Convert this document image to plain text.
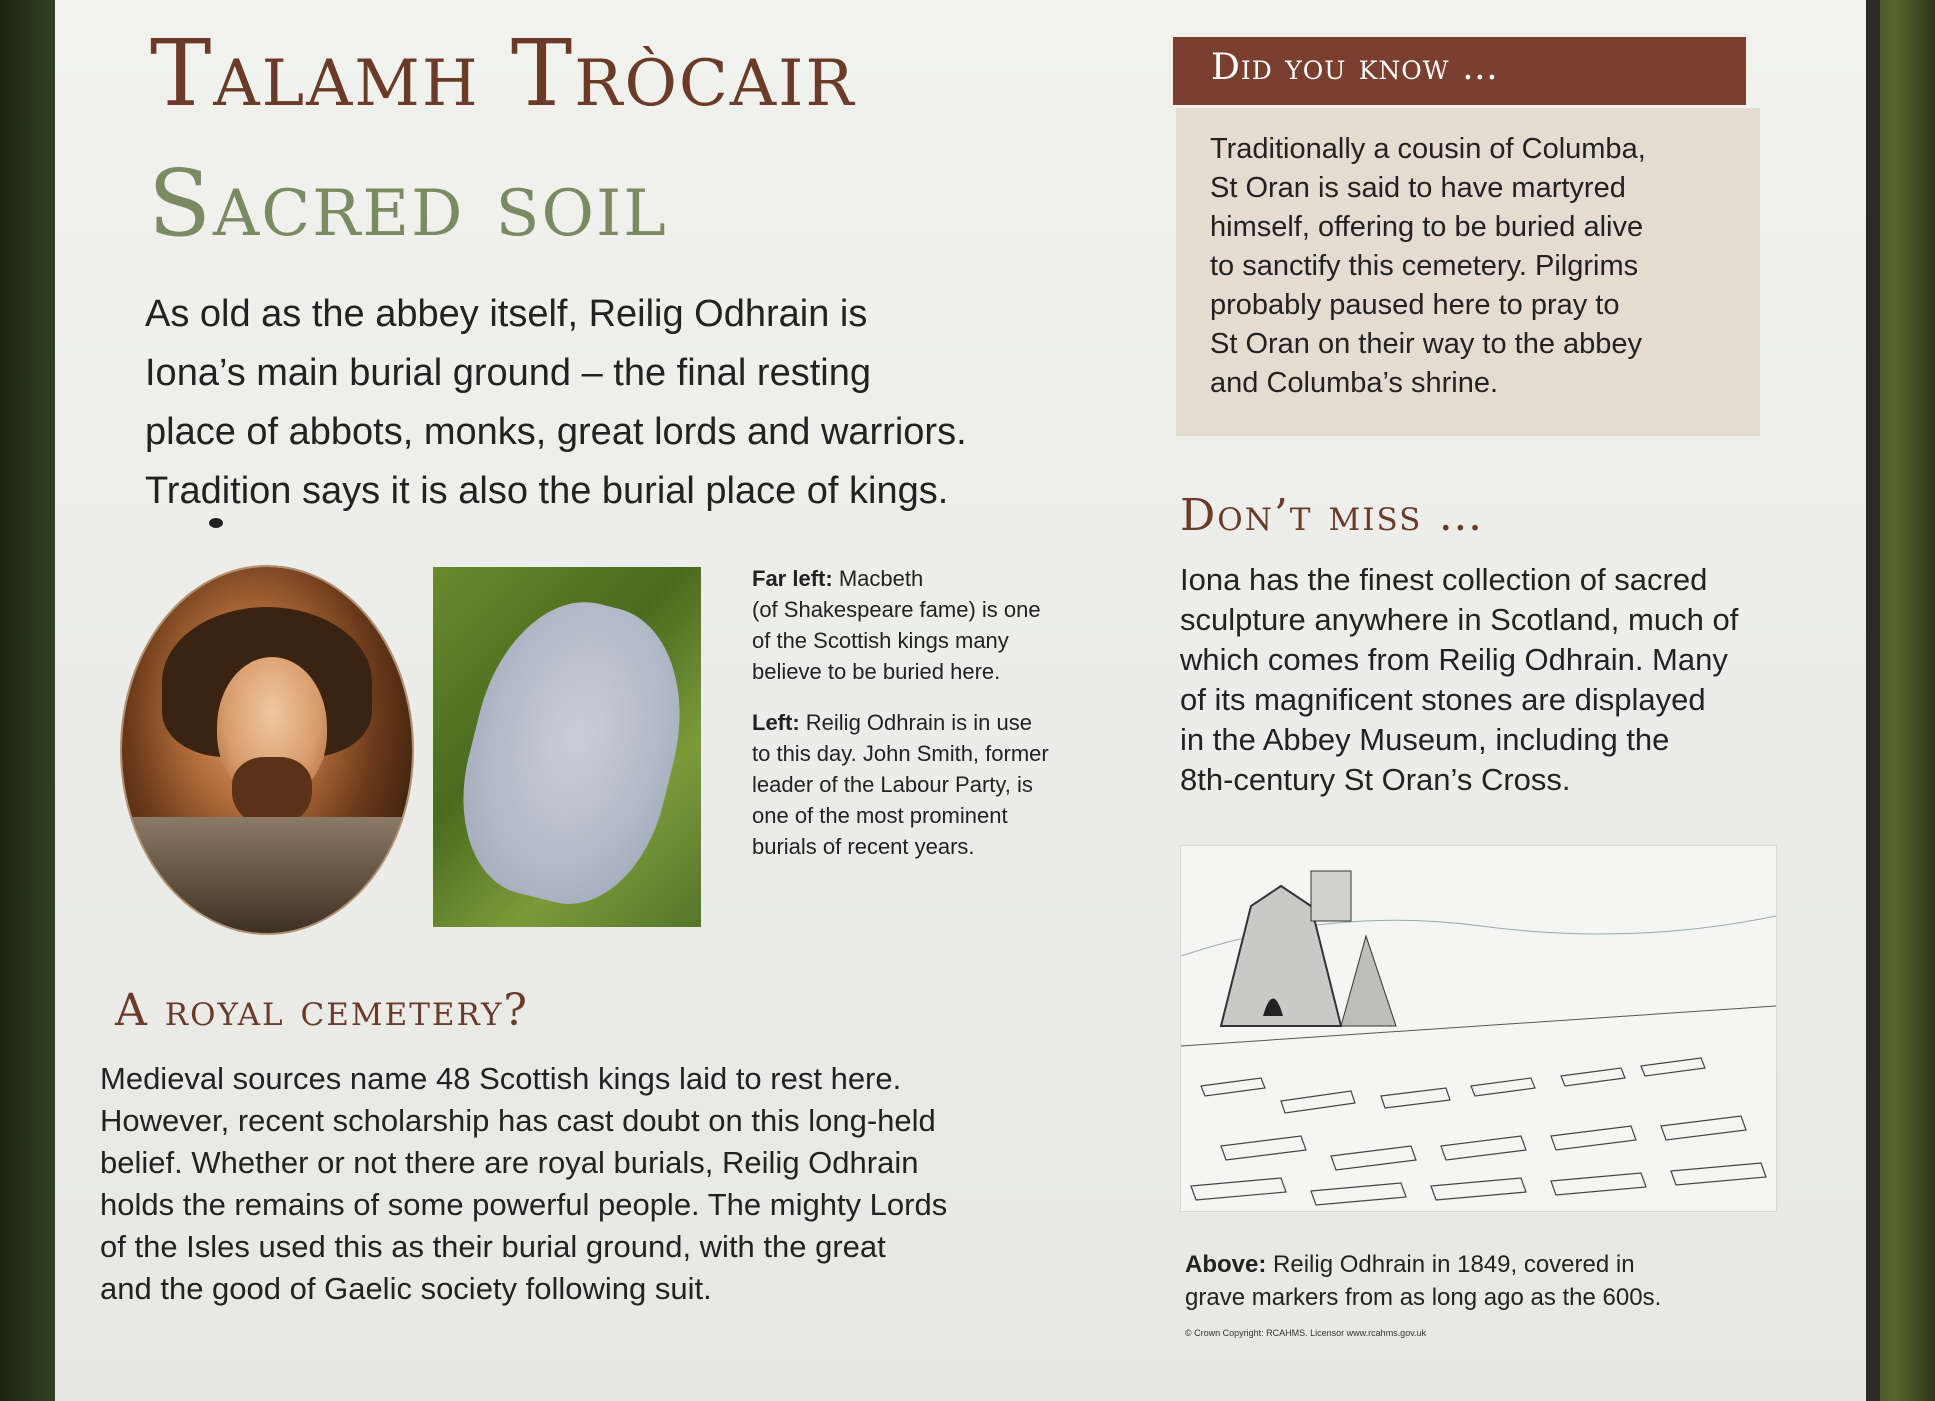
Talamh Tròcair
Sacred soil
As old as the abbey itself, Reilig Odhrain is
Iona’s main burial ground – the final resting
place of abbots, monks, great lords and warriors.
Tradition says it is also the burial place of kings.
Did you know …
Traditionally a cousin of Columba,
St Oran is said to have martyred
himself, offering to be buried alive
to sanctify this cemetery. Pilgrims
probably paused here to pray to
St Oran on their way to the abbey
and Columba’s shrine.
Don’t miss …
Iona has the finest collection of sacred
sculpture anywhere in Scotland, much of
which comes from Reilig Odhrain. Many
of its magnificent stones are displayed
in the Abbey Museum, including the
8th-century St Oran’s Cross.
Far left: Macbeth
(of Shakespeare fame) is one
of the Scottish kings many
believe to be buried here.
Left: Reilig Odhrain is in use
to this day. John Smith, former
leader of the Labour Party, is
one of the most prominent
burials of recent years.
A royal cemetery?
Medieval sources name 48 Scottish kings laid to rest here.
However, recent scholarship has cast doubt on this long-held
belief. Whether or not there are royal burials, Reilig Odhrain
holds the remains of some powerful people. The mighty Lords
of the Isles used this as their burial ground, with the great
and the good of Gaelic society following suit.
Above: Reilig Odhrain in 1849, covered in
grave markers from as long ago as the 600s.
© Crown Copyright: RCAHMS. Licensor www.rcahms.gov.uk
